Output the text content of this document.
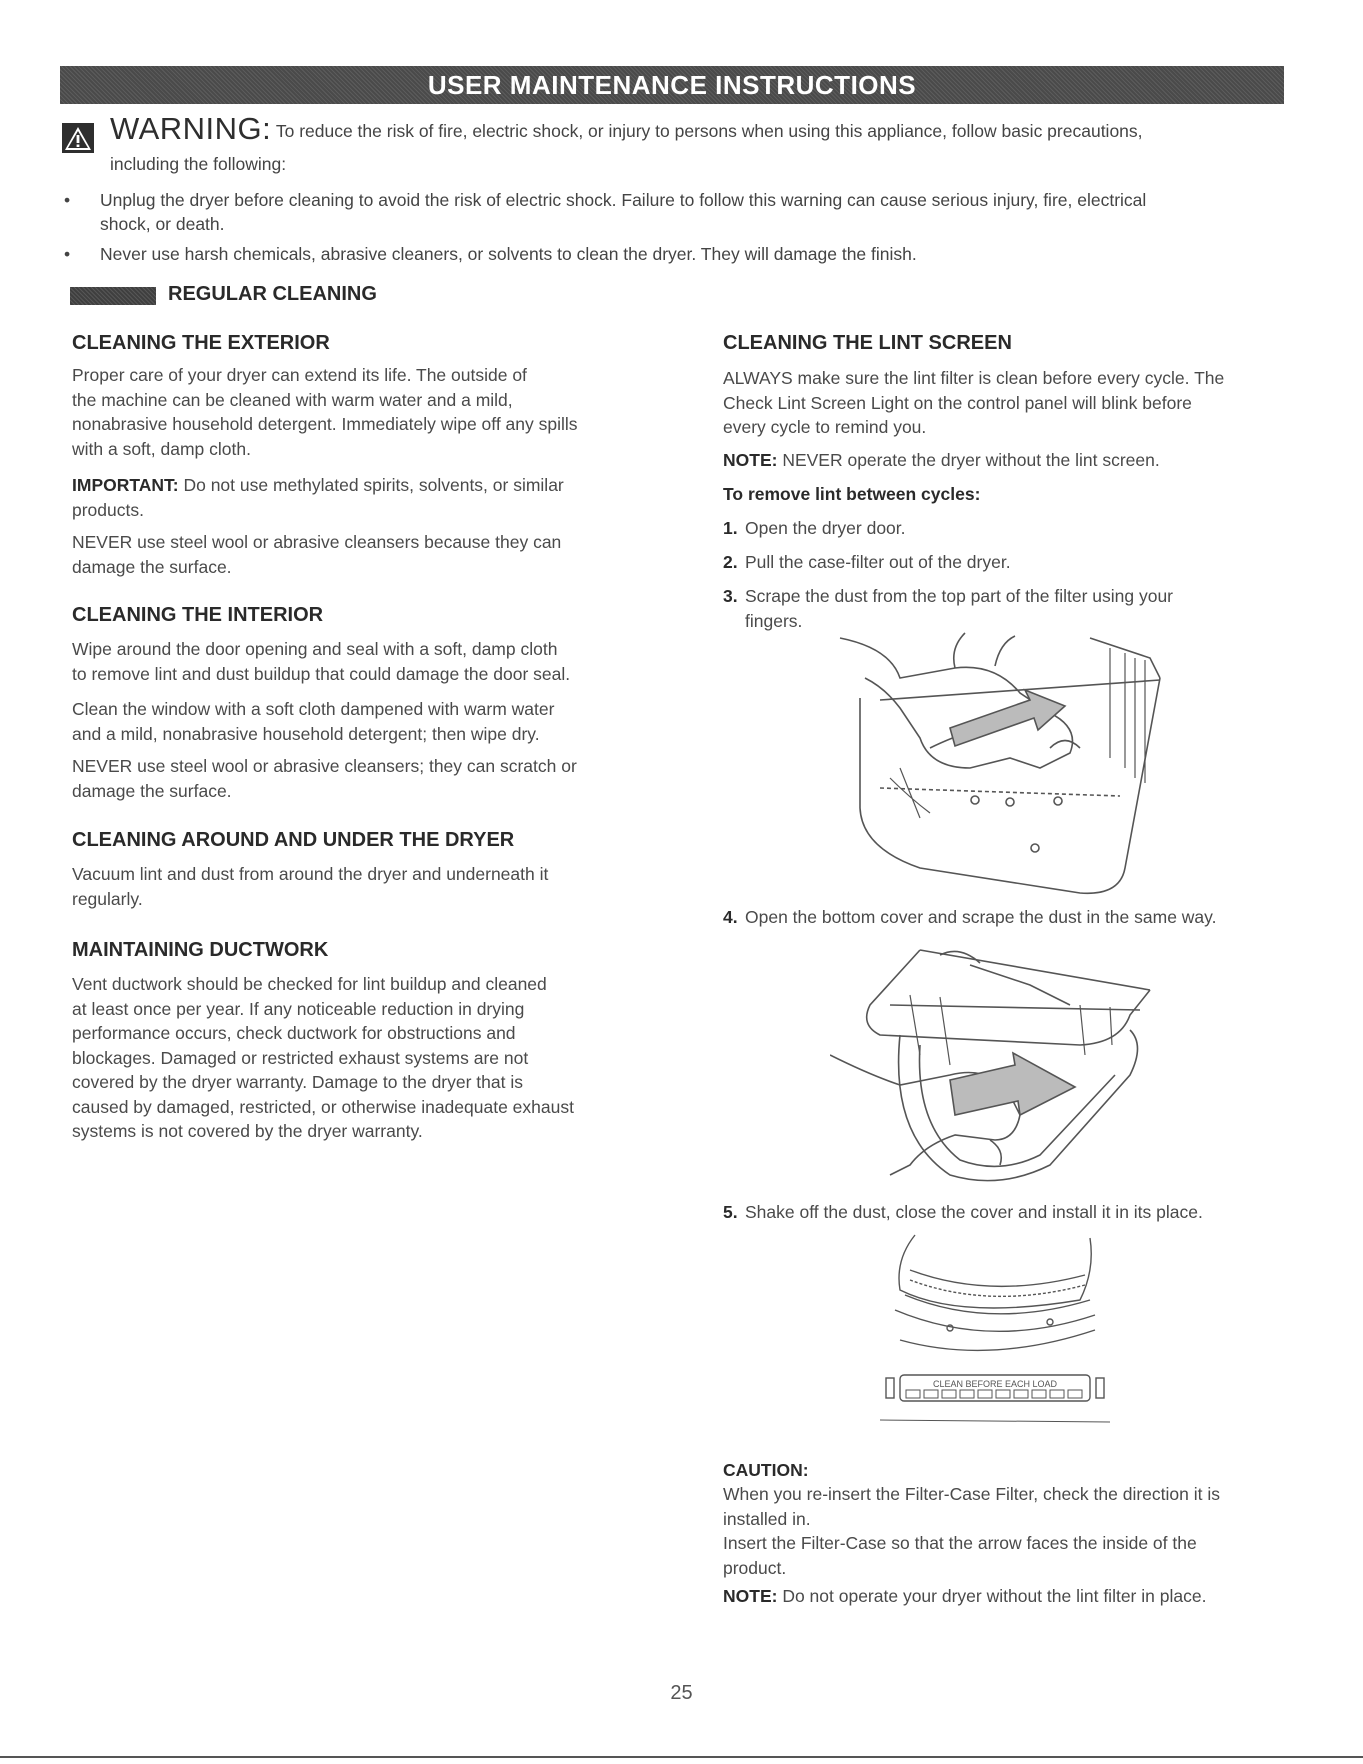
USER MAINTENANCE INSTRUCTIONS
WARNING: To reduce the risk of fire, electric shock, or injury to persons when using this appliance, follow basic precautions,
including the following:
• Unplug the dryer before cleaning to avoid the risk of electric shock. Failure to follow this warning can cause serious injury, fire, electrical
shock, or death.
• Never use harsh chemicals, abrasive cleaners, or solvents to clean the dryer. They will damage the finish.
REGULAR CLEANING
CLEANING THE EXTERIOR
Proper care of your dryer can extend its life. The outside of
the machine can be cleaned with warm water and a mild,
nonabrasive household detergent. Immediately wipe off any spills
with a soft, damp cloth.
IMPORTANT: Do not use methylated spirits, solvents, or similar
products.
NEVER use steel wool or abrasive cleansers because they can
damage the surface.
CLEANING THE INTERIOR
Wipe around the door opening and seal with a soft, damp cloth
to remove lint and dust buildup that could damage the door seal.
Clean the window with a soft cloth dampened with warm water
and a mild, nonabrasive household detergent; then wipe dry.
NEVER use steel wool or abrasive cleansers; they can scratch or
damage the surface.
CLEANING AROUND AND UNDER THE DRYER
Vacuum lint and dust from around the dryer and underneath it
regularly.
MAINTAINING DUCTWORK
Vent ductwork should be checked for lint buildup and cleaned
at least once per year. If any noticeable reduction in drying
performance occurs, check ductwork for obstructions and
blockages. Damaged or restricted exhaust systems are not
covered by the dryer warranty. Damage to the dryer that is
caused by damaged, restricted, or otherwise inadequate exhaust
systems is not covered by the dryer warranty.
CLEANING THE LINT SCREEN
ALWAYS make sure the lint filter is clean before every cycle. The
Check Lint Screen Light on the control panel will blink before
every cycle to remind you.
NOTE: NEVER operate the dryer without the lint screen.
To remove lint between cycles:
1. Open the dryer door.
2. Pull the case-filter out of the dryer.
3. Scrape the dust from the top part of the filter using your
fingers.
4. Open the bottom cover and scrape the dust in the same way.
5. Shake off the dust, close the cover and install it in its place.
CLEAN BEFORE EACH LOAD
CAUTION:
When you re-insert the Filter-Case Filter, check the direction it is
installed in.
Insert the Filter-Case so that the arrow faces the inside of the
product.
NOTE: Do not operate your dryer without the lint filter in place.
25
